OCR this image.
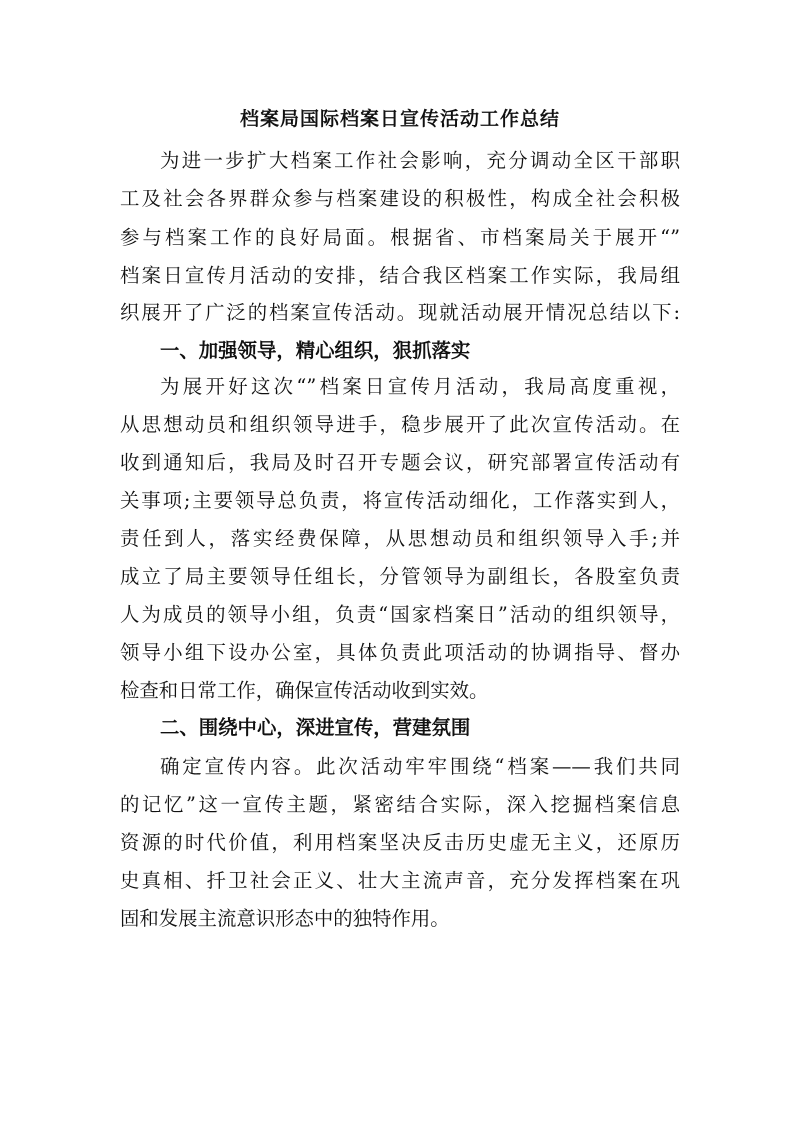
档案局国际档案日宣传活动工作总结
为进一步扩大档案工作社会影响，充分调动全区干部职
工及社会各界群众参与档案建设的积极性，构成全社会积极
参与档案工作的良好局面。根据省、市档案局关于展开“”
档案日宣传月活动的安排，结合我区档案工作实际，我局组
织展开了广泛的档案宣传活动。现就活动展开情况总结以下:
一、加强领导，精心组织，狠抓落实
为展开好这次“”档案日宣传月活动，我局高度重视，
从思想动员和组织领导进手，稳步展开了此次宣传活动。在
收到通知后，我局及时召开专题会议，研究部署宣传活动有
关事项;主要领导总负责，将宣传活动细化，工作落实到人，
责任到人，落实经费保障，从思想动员和组织领导入手;并
成立了局主要领导任组长，分管领导为副组长，各股室负责
人为成员的领导小组，负责“国家档案日”活动的组织领导，
领导小组下设办公室，具体负责此项活动的协调指导、督办
检查和日常工作，确保宣传活动收到实效。
二、围绕中心，深进宣传，营建氛围
确定宣传内容。此次活动牢牢围绕“档案——我们共同
的记忆”这一宣传主题，紧密结合实际，深入挖掘档案信息
资源的时代价值，利用档案坚决反击历史虚无主义，还原历
史真相、扦卫社会正义、壮大主流声音，充分发挥档案在巩
固和发展主流意识形态中的独特作用。
